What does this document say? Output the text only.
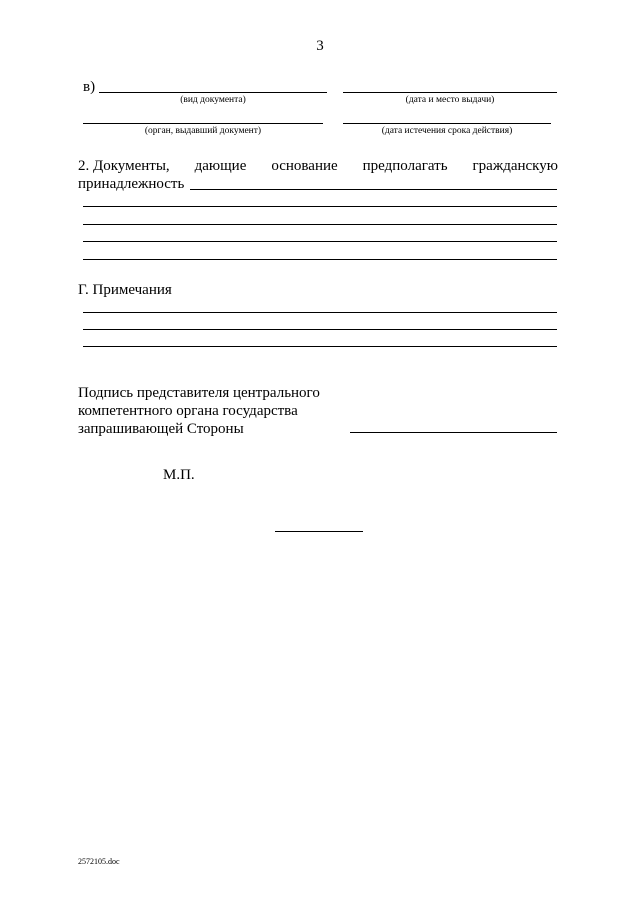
3
в)
(вид документа)	(дата и место выдачи)
(орган, выдавший документ)	(дата истечения срока действия)
2. Документы, дающие основание предполагать гражданскую
принадлежность
Г. Примечания
Подпись представителя центрального
компетентного органа государства
запрашивающей Стороны
М.П.
2572105.doc
